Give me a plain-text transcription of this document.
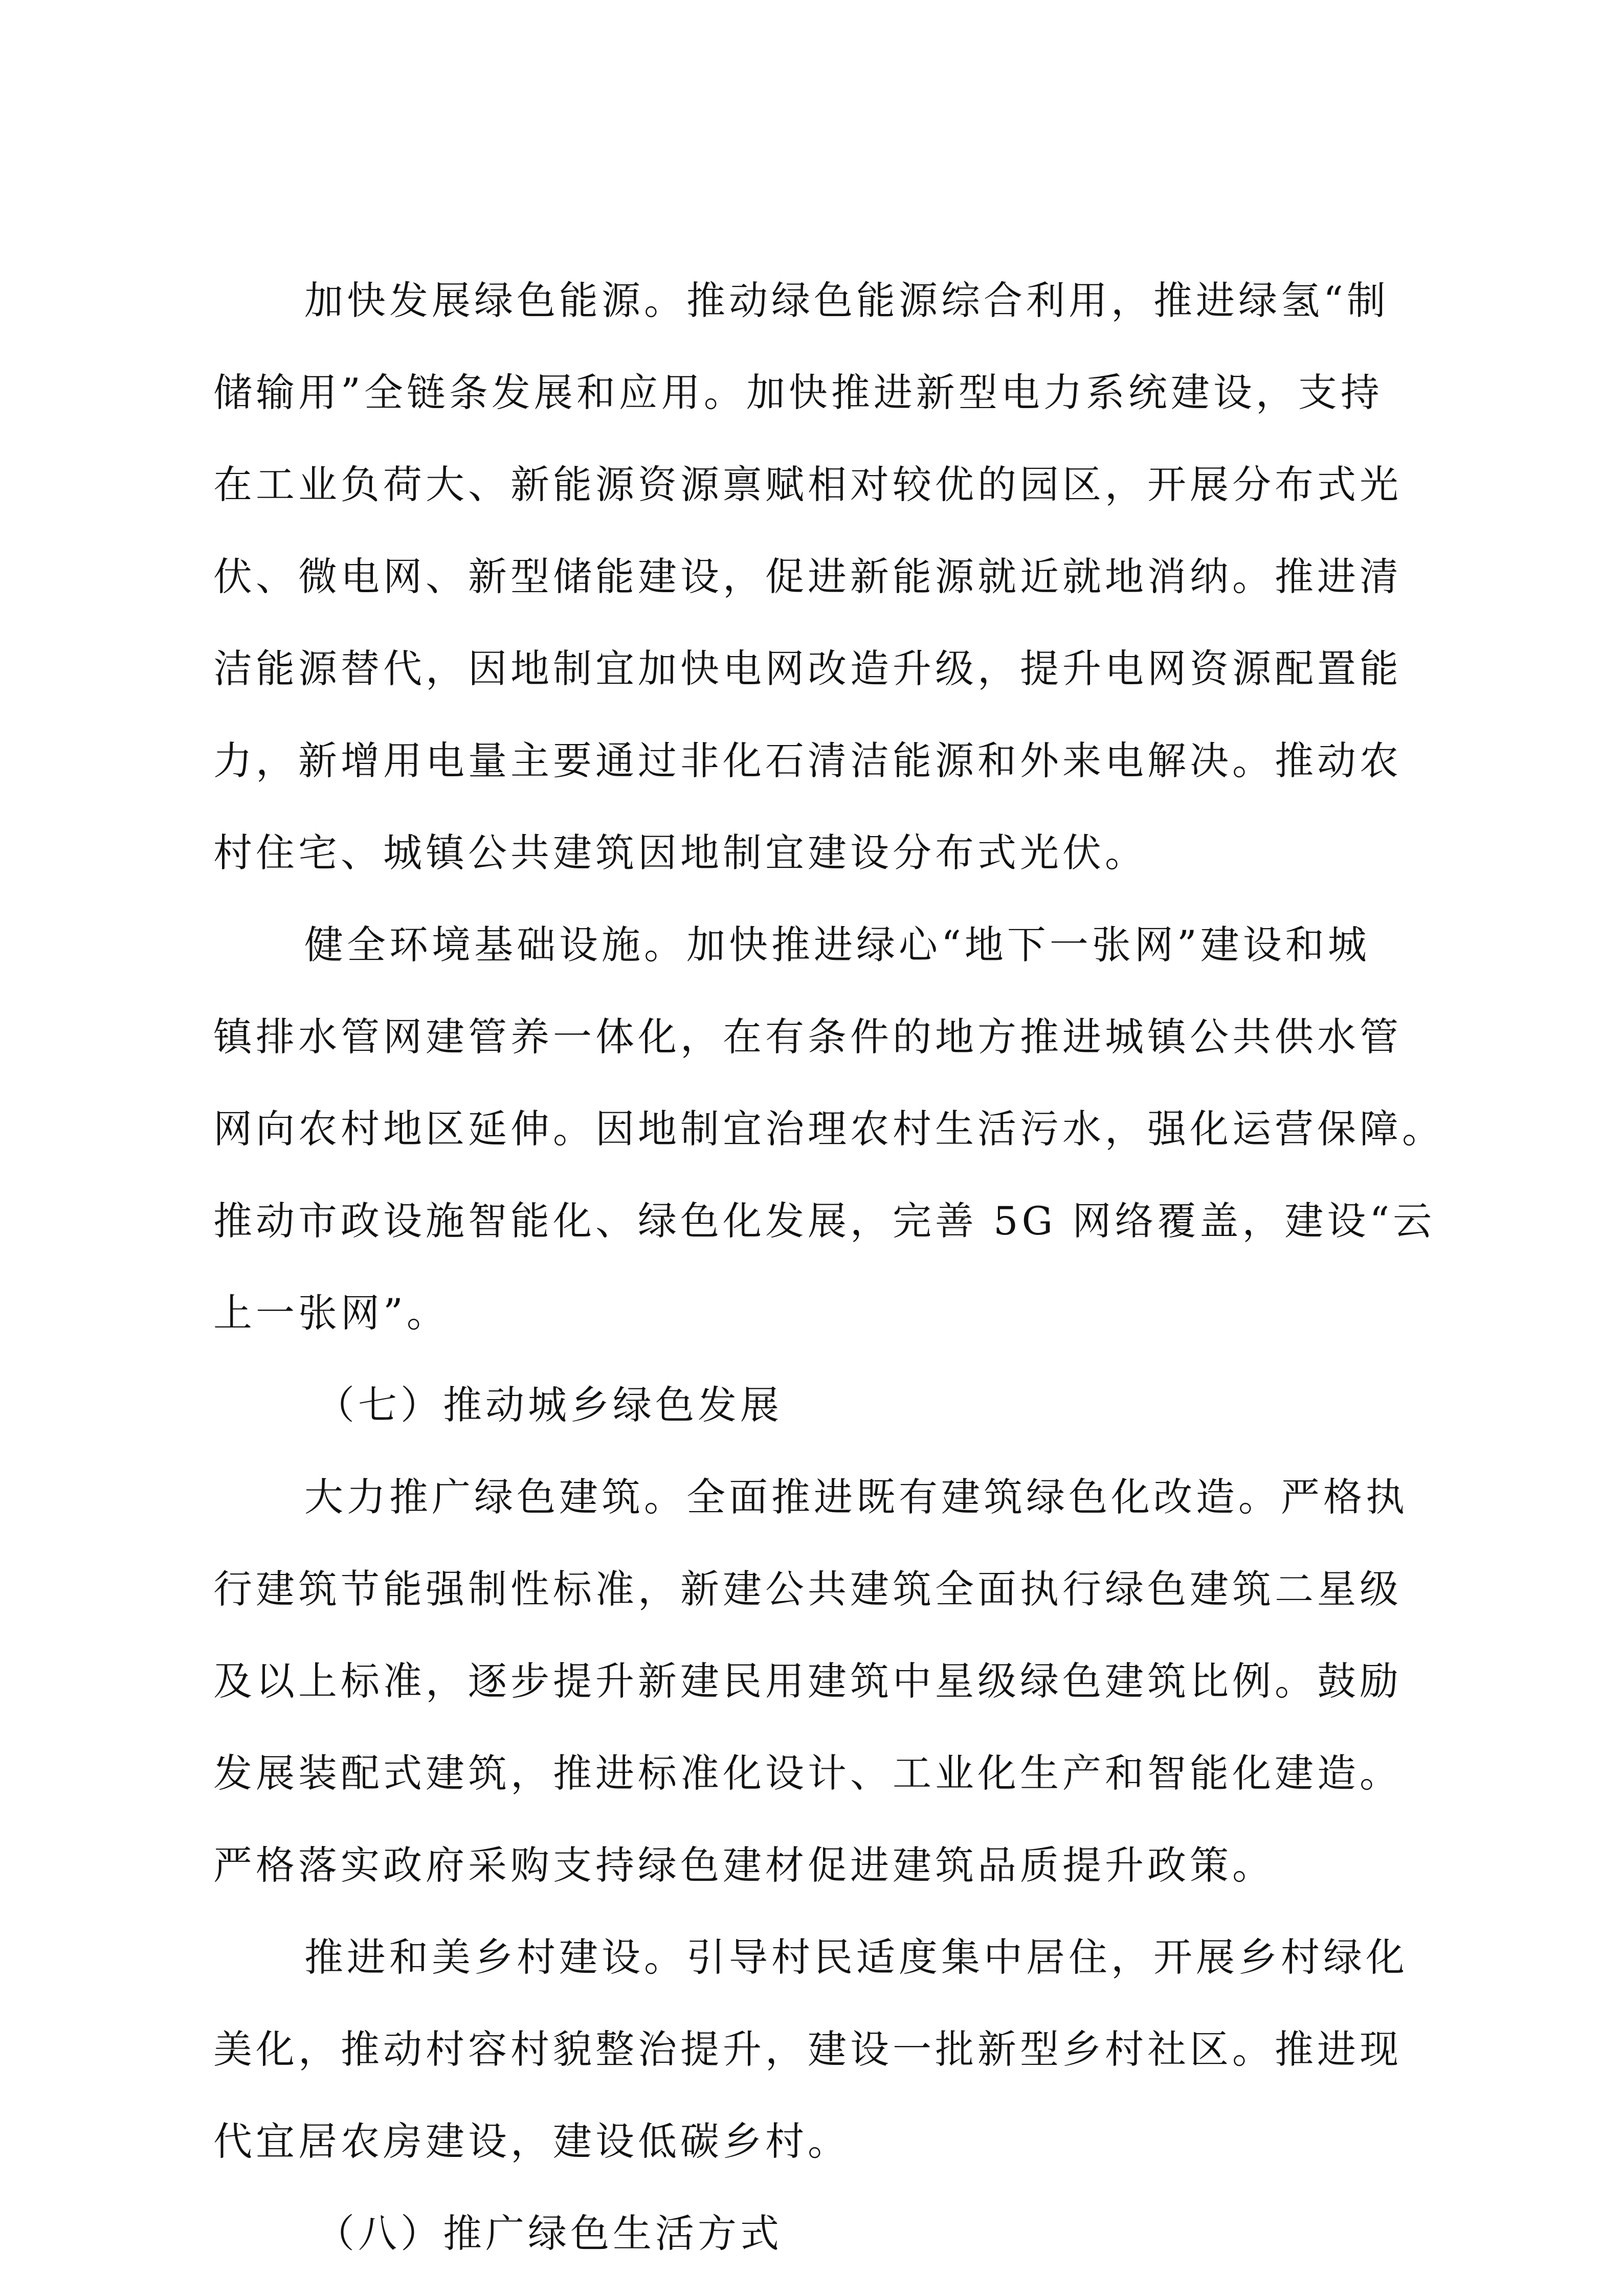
加快发展绿色能源。推动绿色能源综合利用，推进绿氢“制
储输用”全链条发展和应用。加快推进新型电力系统建设，支持
在工业负荷大、新能源资源禀赋相对较优的园区，开展分布式光
伏、微电网、新型储能建设，促进新能源就近就地消纳。推进清
洁能源替代，因地制宜加快电网改造升级，提升电网资源配置能
力，新增用电量主要通过非化石清洁能源和外来电解决。推动农
村住宅、城镇公共建筑因地制宜建设分布式光伏。
健全环境基础设施。加快推进绿心“地下一张网”建设和城
镇排水管网建管养一体化，在有条件的地方推进城镇公共供水管
网向农村地区延伸。因地制宜治理农村生活污水，强化运营保障。
推动市政设施智能化、绿色化发展，完善 5G 网络覆盖，建设“云
上一张网”。
（七）推动城乡绿色发展
大力推广绿色建筑。全面推进既有建筑绿色化改造。严格执
行建筑节能强制性标准，新建公共建筑全面执行绿色建筑二星级
及以上标准，逐步提升新建民用建筑中星级绿色建筑比例。鼓励
发展装配式建筑，推进标准化设计、工业化生产和智能化建造。
严格落实政府采购支持绿色建材促进建筑品质提升政策。
推进和美乡村建设。引导村民适度集中居住，开展乡村绿化
美化，推动村容村貌整治提升，建设一批新型乡村社区。推进现
代宜居农房建设，建设低碳乡村。
（八）推广绿色生活方式
